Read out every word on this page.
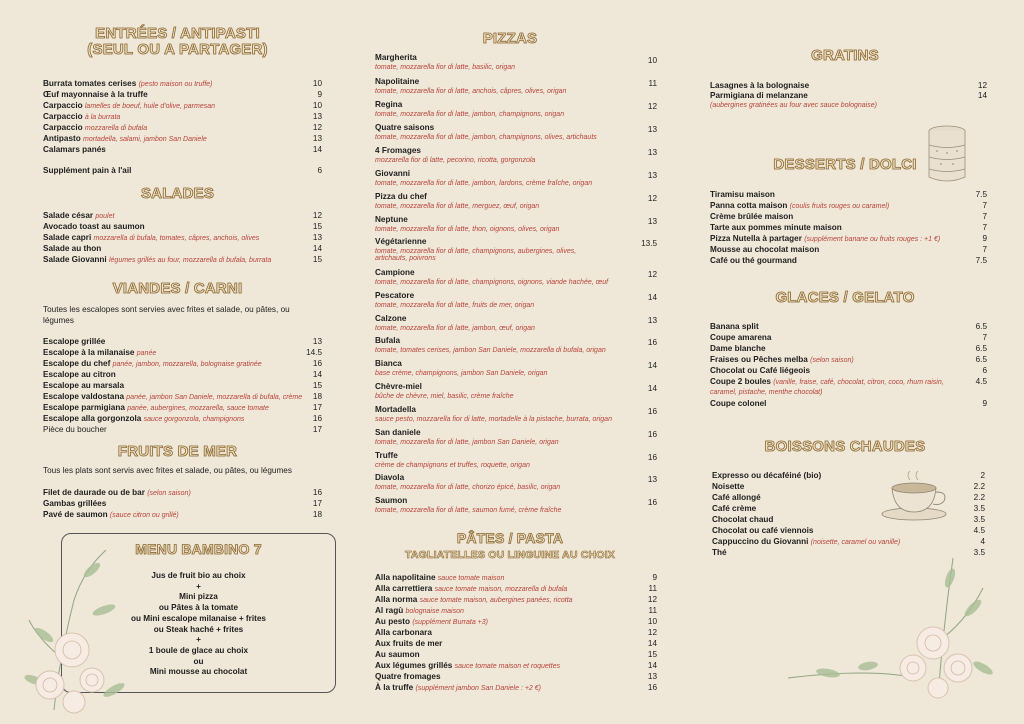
ENTRÉES / ANTIPASTI
(SEUL OU A PARTAGER)
Burrata tomates cerises (pesto maison ou truffe)	10
Œuf mayonnaise à la truffe	9
Carpaccio lamelles de boeuf, huile d'olive, parmesan	10
Carpaccio à la burrata	13
Carpaccio mozzarella di bufala	12
Antipasto mortadella, salami, jambon San Daniele	13
Calamars panés	14
Supplément pain à l'ail	6
SALADES
Salade césar poulet	12
Avocado toast au saumon	15
Salade capri mozzarella di bufala, tomates, câpres, anchois, olives	13
Salade au thon	14
Salade Giovanni légumes grillés au four, mozzarella di bufala, burrata	15
VIANDES / CARNI
Toutes les escalopes sont servies avec frites et salade, ou pâtes, ou légumes
Escalope grillée	13
Escalope à la milanaise panée	14.5
Escalope du chef panée, jambon, mozzarella, bolognaise gratinée	16
Escalope au citron	14
Escalope au marsala	15
Escalope valdostana panée, jambon San Daniele, mozzarella di bufala, crème	18
Escalope parmigiana panée, aubergines, mozzarella, sauce tomate	17
Escalope alla gorgonzola sauce gorgonzola, champignons	16
Pièce du boucher	17
FRUITS DE MER
Tous les plats sont servis avec frites et salade, ou pâtes, ou légumes
Filet de daurade ou de bar (selon saison)	16
Gambas grillées	17
Pavé de saumon (sauce citron ou grillé)	18
MENU BAMBINO 7
Jus de fruit bio au choix
+
Mini pizza
ou Pâtes à la tomate
ou Mini escalope milanaise + frites
ou Steak haché + frites
+
1 boule de glace au choix
ou
Mini mousse au chocolat
PIZZAS
Margherita
tomate, mozzarella fior di latte, basilic, origan
10
Napolitaine
tomate, mozzarella fior di latte, anchois, câpres, olives, origan
11
Regina
tomate, mozzarella fior di latte, jambon, champignons, origan
12
Quatre saisons
tomate, mozzarella fior di latte, jambon, champignons, olives, artichauts
13
4 Fromages
mozzarella fior di latte, pecorino, ricotta, gorgonzola
13
Giovanni
tomate, mozzarella fior di latte, jambon, lardons, crème fraîche, origan
13
Pizza du chef
tomate, mozzarella fior di latte, merguez, œuf, origan
12
Neptune
tomate, mozzarella fior di latte, thon, oignons, olives, origan
13
Végétarienne
tomate, mozzarella fior di latte, champignons, aubergines, olives,
artichauts, poivrons
13.5
Campione
tomate, mozzarella fior di latte, champignons, oignons, viande hachée, œuf
12
Pescatore
tomate, mozzarella fior di latte, fruits de mer, origan
14
Calzone
tomate, mozzarella fior di latte, jambon, œuf, origan
13
Bufala
tomate, tomates cerises, jambon San Daniele, mozzarella di bufala, origan
16
Bianca
base crème, champignons, jambon San Daniele, origan
14
Chèvre-miel
bûche de chèvre, miel, basilic, crème fraîche
14
Mortadella
sauce pesto, mozzarella fior di latte, mortadelle à la pistache, burrata, origan
16
San daniele
tomate, mozzarella fior di latte, jambon San Daniele, origan
16
Truffe
crème de champignons et truffes, roquette, origan
16
Diavola
tomate, mozzarella fior di latte, chorizo épicé, basilic, origan
13
Saumon
tomate, mozzarella fior di latte, saumon fumé, crème fraîche
16
PÂTES / PASTA
TAGLIATELLES OU LINGUINE AU CHOIX
Alla napolitaine sauce tomate maison	9
Alla carrettiera sauce tomate maison, mozzarella di bufala	11
Alla norma sauce tomate maison, aubergines panées, ricotta	12
Al ragù bolognaise maison	11
Au pesto (supplément Burrata +3)	10
Alla carbonara	12
Aux fruits de mer	14
Au saumon	15
Aux légumes grillés sauce tomate maison et roquettes	14
Quatre fromages	13
À la truffe (supplément jambon San Daniele : +2 €)	16
GRATINS
Lasagnes à la bolognaise	12
Parmigiana di melanzane
(aubergines gratinées au four avec sauce bolognaise)
14
DESSERTS / DOLCI
Tiramisu maison	7.5
Panna cotta maison (coulis fruits rouges ou caramel)	7
Crème brûlée maison	7
Tarte aux pommes minute maison	7
Pizza Nutella à partager (supplément banane ou fruits rouges : +1 €)	9
Mousse au chocolat maison	7
Café ou thé gourmand	7.5
GLACES / GELATO
Banana split	6.5
Coupe amarena	7
Dame blanche	6.5
Fraises ou Pêches melba (selon saison)	6.5
Chocolat ou Café liégeois	6
Coupe 2 boules (vanille, fraise, café, chocolat, citron, coco, rhum raisin,
caramel, pistache, menthe chocolat)
4.5
Coupe colonel	9
BOISSONS CHAUDES
Expresso ou décaféiné (bio)	2
Noisette	2.2
Café allongé	2.2
Café crème	3.5
Chocolat chaud	3.5
Chocolat ou café viennois	4.5
Cappuccino du Giovanni (noisette, caramel ou vanille)	4
Thé	3.5
